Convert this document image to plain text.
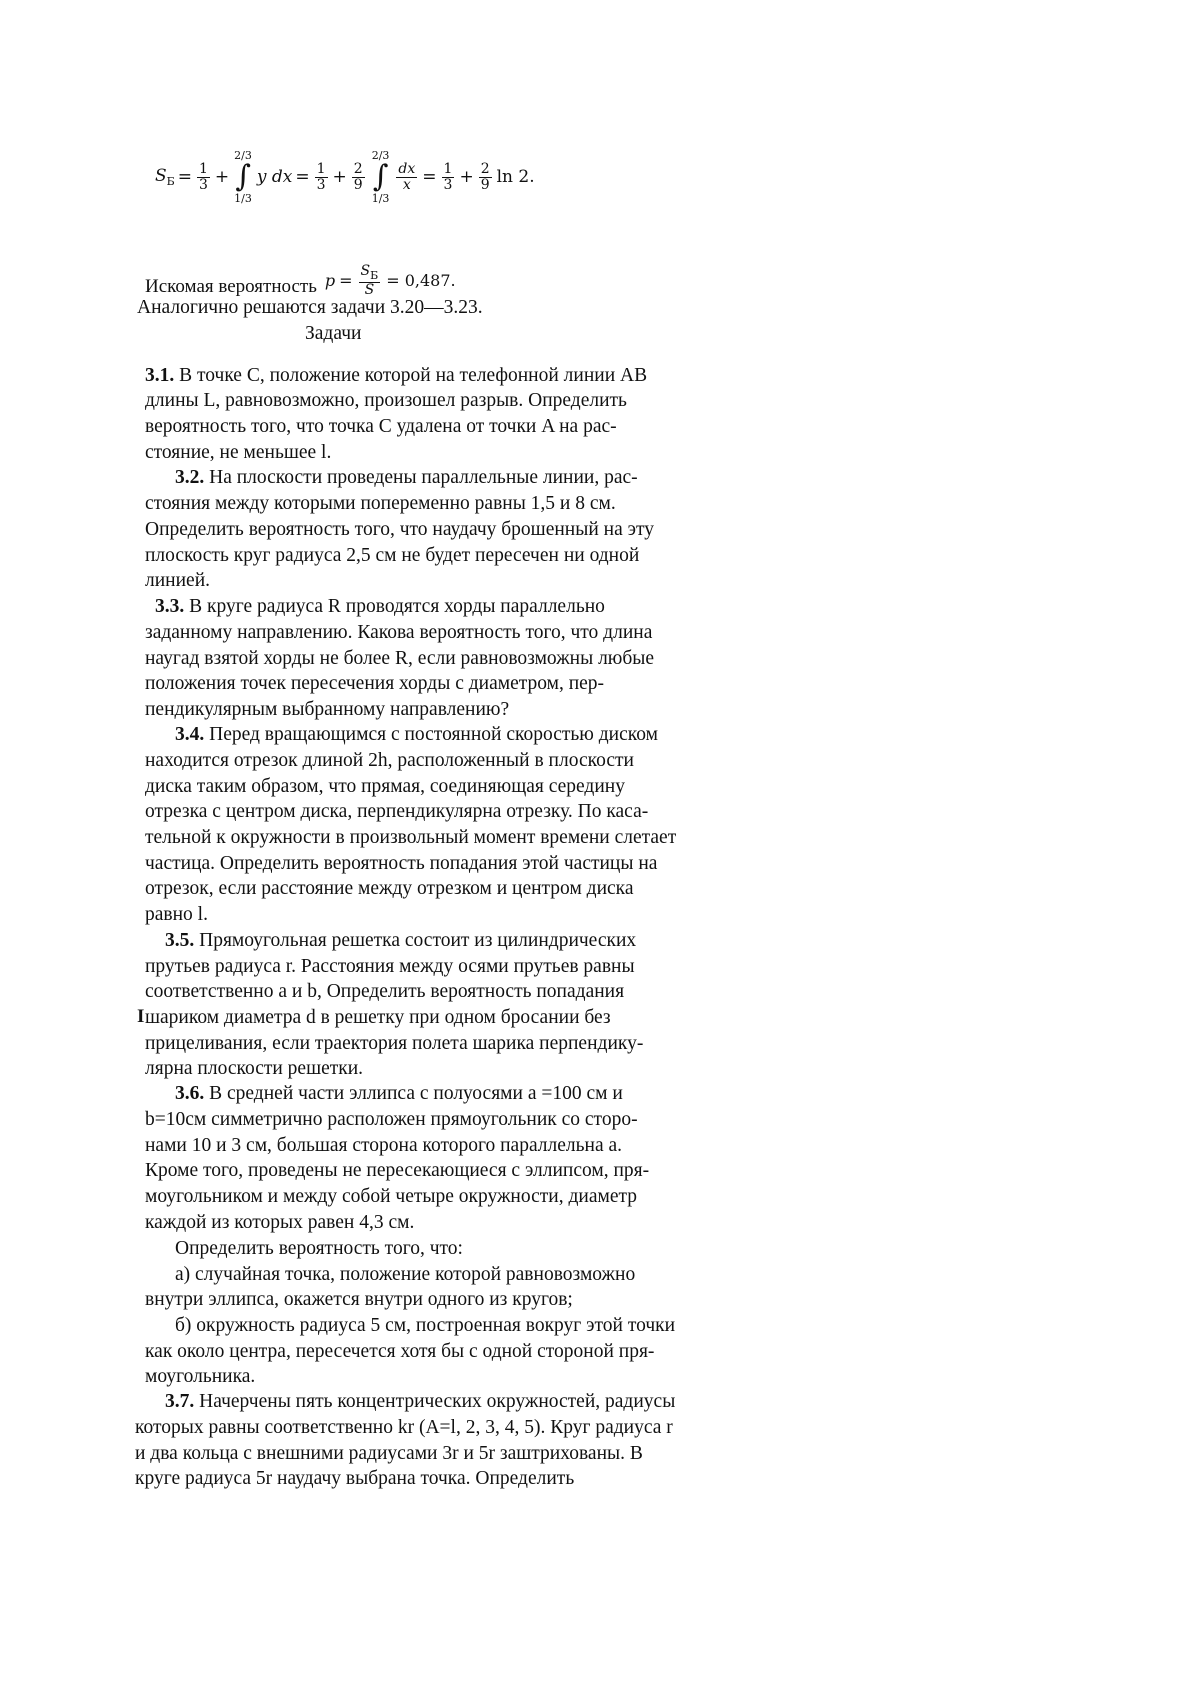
$S_Б = \frac{1}{3}$ +
2/3
∫
1/3
y dx = $\frac{1}{3} + \frac{2}{9}$
2/3
∫
1/3
$\frac{dx}{x} = \frac{1}{3} + \frac{2}{9}$ ln 2.
Искомая вероятность $p = \frac{S_Б}{S} = 0,487$.
Аналогично решаются задачи 3.20—3.23.
Задачи
3.1. В точке C, положение которой на телефонной линии AB
длины L, равновозможно, произошел разрыв. Определить
вероятность того, что точка С удалена от точки A на рас-
стояние, не меньшее l.
3.2. На плоскости проведены параллельные линии, рас-
стояния между которыми попеременно равны 1,5 и 8 см.
Определить вероятность того, что наудачу брошенный на эту
плоскость круг радиуса 2,5 см не будет пересечен ни одной
линией.
3.3. В круге радиуса R проводятся хорды параллельно
заданному направлению. Какова вероятность того, что длина
наугад взятой хорды не более R, если равновозможны любые
положения точек пересечения хорды с диаметром, пер-
пендикулярным выбранному направлению?
3.4. Перед вращающимся с постоянной скоростью диском
находится отрезок длиной 2h, расположенный в плоскости
диска таким образом, что прямая, соединяющая середину
отрезка с центром диска, перпендикулярна отрезку. По каса-
тельной к окружности в произвольный момент времени слетает
частица. Определить вероятность попадания этой частицы на
отрезок, если расстояние между отрезком и центром диска
равно l.
I
3.5. Прямоугольная решетка состоит из цилиндрических
прутьев радиуса r. Расстояния между осями прутьев равны
соответственно a и b, Определить вероятность попадания
шариком диаметра d в решетку при одном бросании без
прицеливания, если траектория полета шарика перпендику-
лярна плоскости решетки.
3.6. В средней части эллипса с полуосями a =100 см и
b=10см симметрично расположен прямоугольник со сторо-
нами 10 и 3 см, большая сторона которого параллельна а.
Кроме того, проведены не пересекающиеся с эллипсом, пря-
моугольником и между собой четыре окружности, диаметр
каждой из которых равен 4,3 см.
Определить вероятность того, что:
а) случайная точка, положение которой равновозможно
внутри эллипса, окажется внутри одного из кругов;
б) окружность радиуса 5 см, построенная вокруг этой точки
как около центра, пересечется хотя бы с одной стороной пря-
моугольника.
3.7. Начерчены пять концентрических окружностей, радиусы
которых равны соответственно kr (A=l, 2, 3, 4, 5). Круг радиуса r
и два кольца с внешними радиусами 3r и 5r заштрихованы. В
круге радиуса 5r наудачу выбрана точка. Определить
